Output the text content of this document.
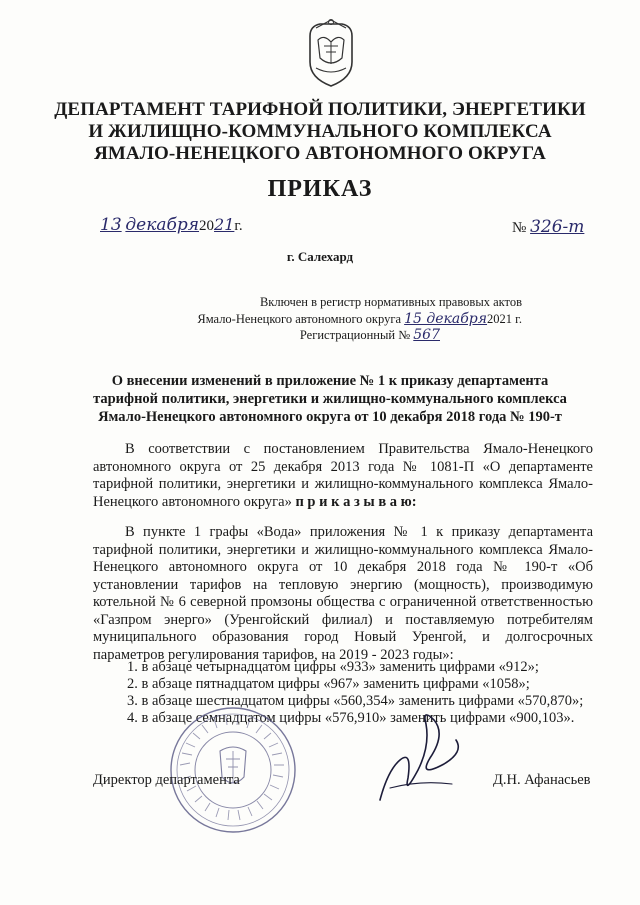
ДЕПАРТАМЕНТ ТАРИФНОЙ ПОЛИТИКИ, ЭНЕРГЕТИКИ
И ЖИЛИЩНО-КОММУНАЛЬНОГО КОМПЛЕКСА
ЯМАЛО-НЕНЕЦКОГО АВТОНОМНОГО ОКРУГА
ПРИКАЗ
13 декабря2021г.	№ 326-т
г. Салехард
Включен в регистр нормативных правовых актов
Ямало-Ненецкого автономного округа 15 декабря2021 г.
Регистрационный № 567
О внесении изменений в приложение № 1 к приказу департамента
тарифной политики, энергетики и жилищно-коммунального комплекса
Ямало-Ненецкого автономного округа от 10 декабря 2018 года № 190-т
В соответствии с постановлением Правительства Ямало-Ненецкого автономного округа от 25 декабря 2013 года № 1081-П «О департаменте тарифной политики, энергетики и жилищно-коммунального комплекса Ямало-Ненецкого автономного округа» п р и к а з ы в а ю:
В пункте 1 графы «Вода» приложения № 1 к приказу департамента тарифной политики, энергетики и жилищно-коммунального комплекса Ямало-Ненецкого автономного округа от 10 декабря 2018 года № 190-т «Об установлении тарифов на тепловую энергию (мощность), производимую котельной № 6 северной промзоны общества с ограниченной ответственностью «Газпром энерго» (Уренгойский филиал) и поставляемую потребителям муниципального образования город Новый Уренгой, и долгосрочных параметров регулирования тарифов, на 2019 - 2023 годы»:
1. в абзаце четырнадцатом цифры «933» заменить цифрами «912»;
2. в абзаце пятнадцатом цифры «967» заменить цифрами «1058»;
3. в абзаце шестнадцатом цифры «560,354» заменить цифрами «570,870»;
4. в абзаце семнадцатом цифры «576,910» заменить цифрами «900,103».
Директор департамента	Д.Н. Афанасьев
